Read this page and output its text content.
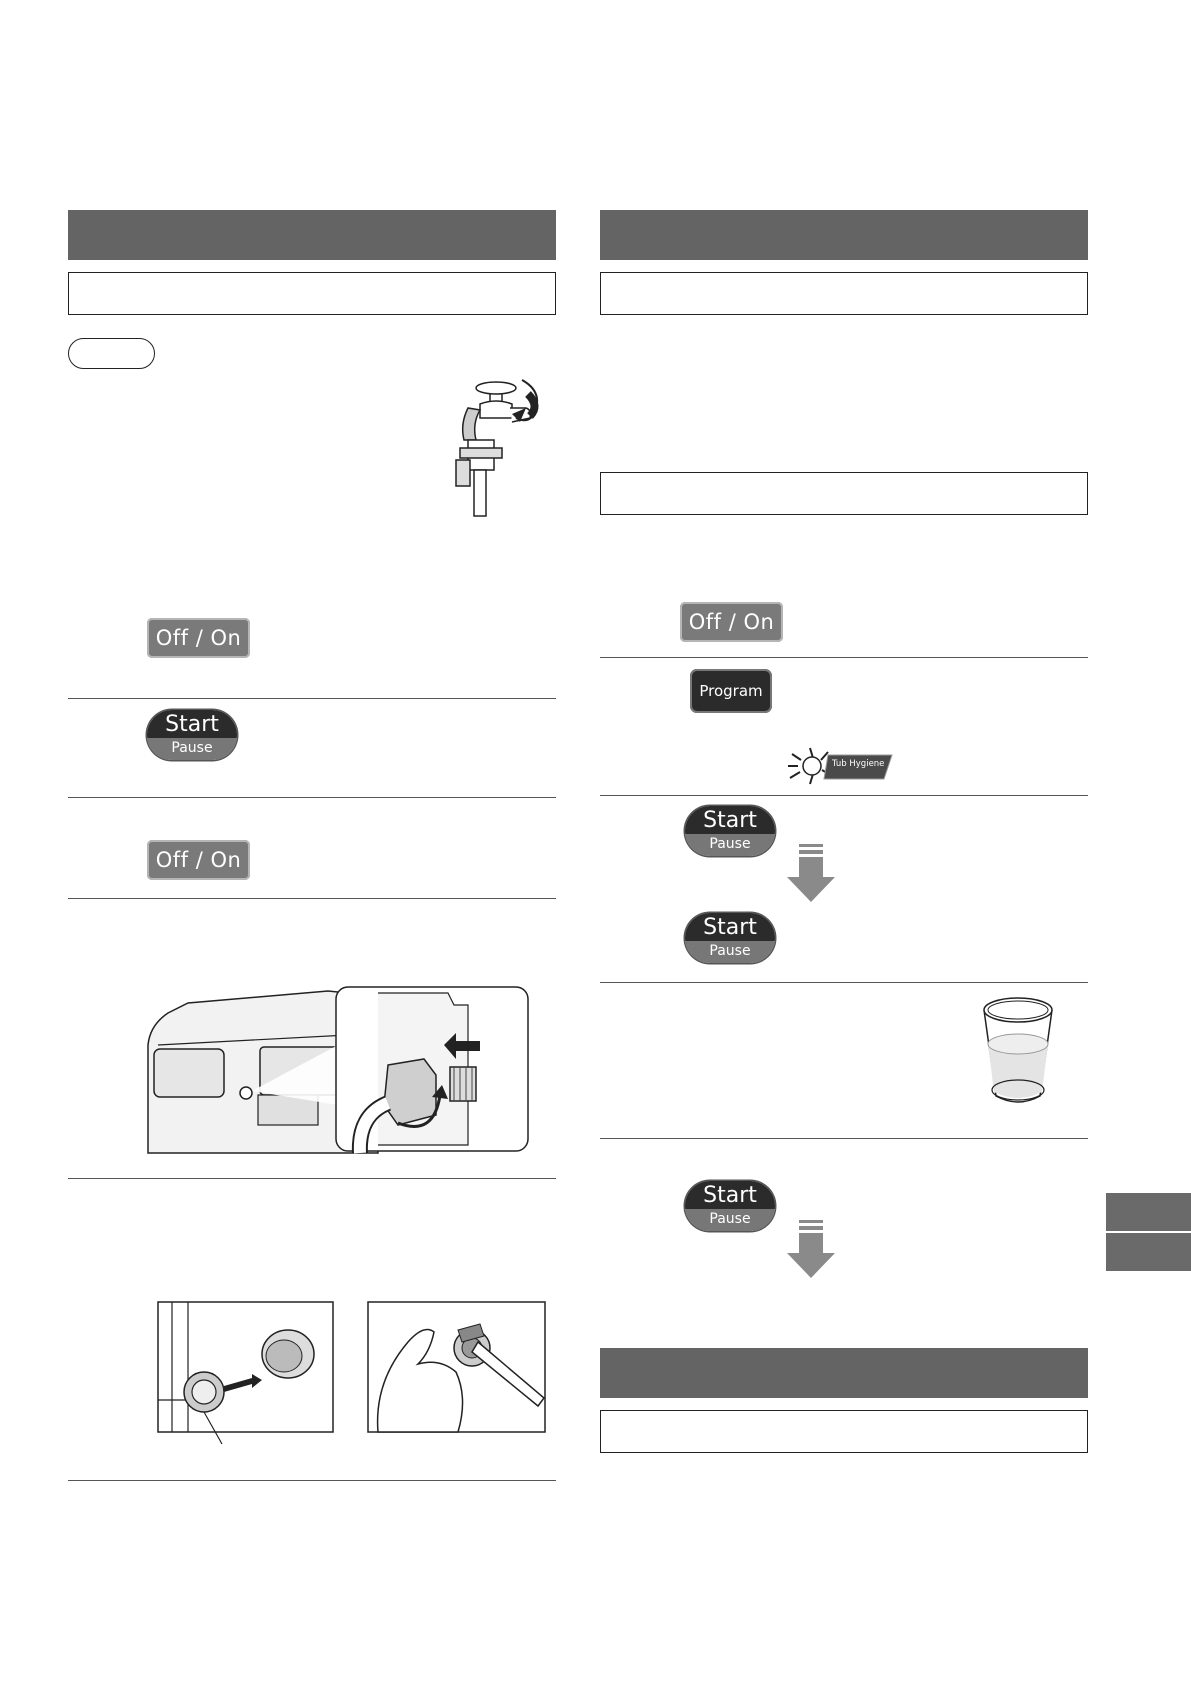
Off / On
Start
Pause
Off / On
Off / On
Program
Tub Hygiene
Start
Pause
Start
Pause
Start
Pause
